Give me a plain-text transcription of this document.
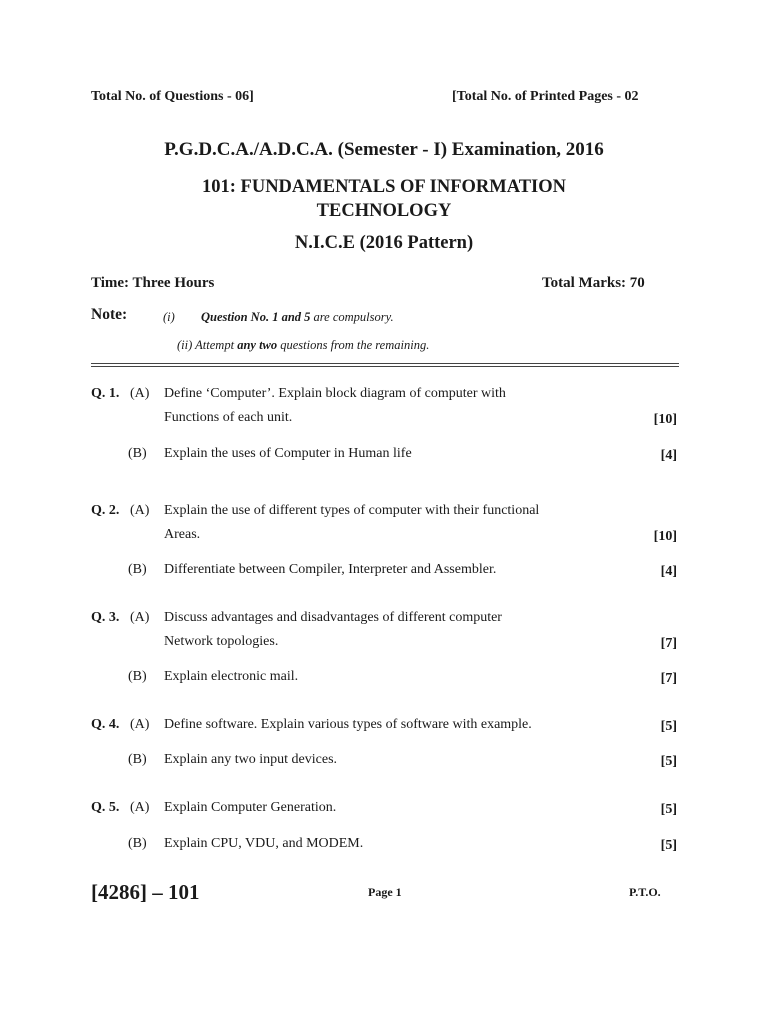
Total No. of Questions - 06]	[Total No. of Printed Pages - 02
P.G.D.C.A./A.D.C.A. (Semester - I) Examination, 2016
101: FUNDAMENTALS OF INFORMATION
TECHNOLOGY
N.I.C.E (2016 Pattern)
Time: Three Hours	Total Marks: 70
Note:	(i) Question No. 1 and 5 are compulsory.
(ii) Attempt any two questions from the remaining.
Q. 1. (A) Define ‘Computer’. Explain block diagram of computer with
Functions of each unit.	[10]
(B) Explain the uses of Computer in Human life	[4]
Q. 2. (A) Explain the use of different types of computer with their functional
Areas.	[10]
(B) Differentiate between Compiler, Interpreter and Assembler.	[4]
Q. 3. (A) Discuss advantages and disadvantages of different computer
Network topologies.	[7]
(B) Explain electronic mail.	[7]
Q. 4. (A) Define software. Explain various types of software with example.	[5]
(B) Explain any two input devices.	[5]
Q. 5. (A) Explain Computer Generation.	[5]
(B) Explain CPU, VDU, and MODEM.	[5]
[4286] – 101	Page 1	P.T.O.
